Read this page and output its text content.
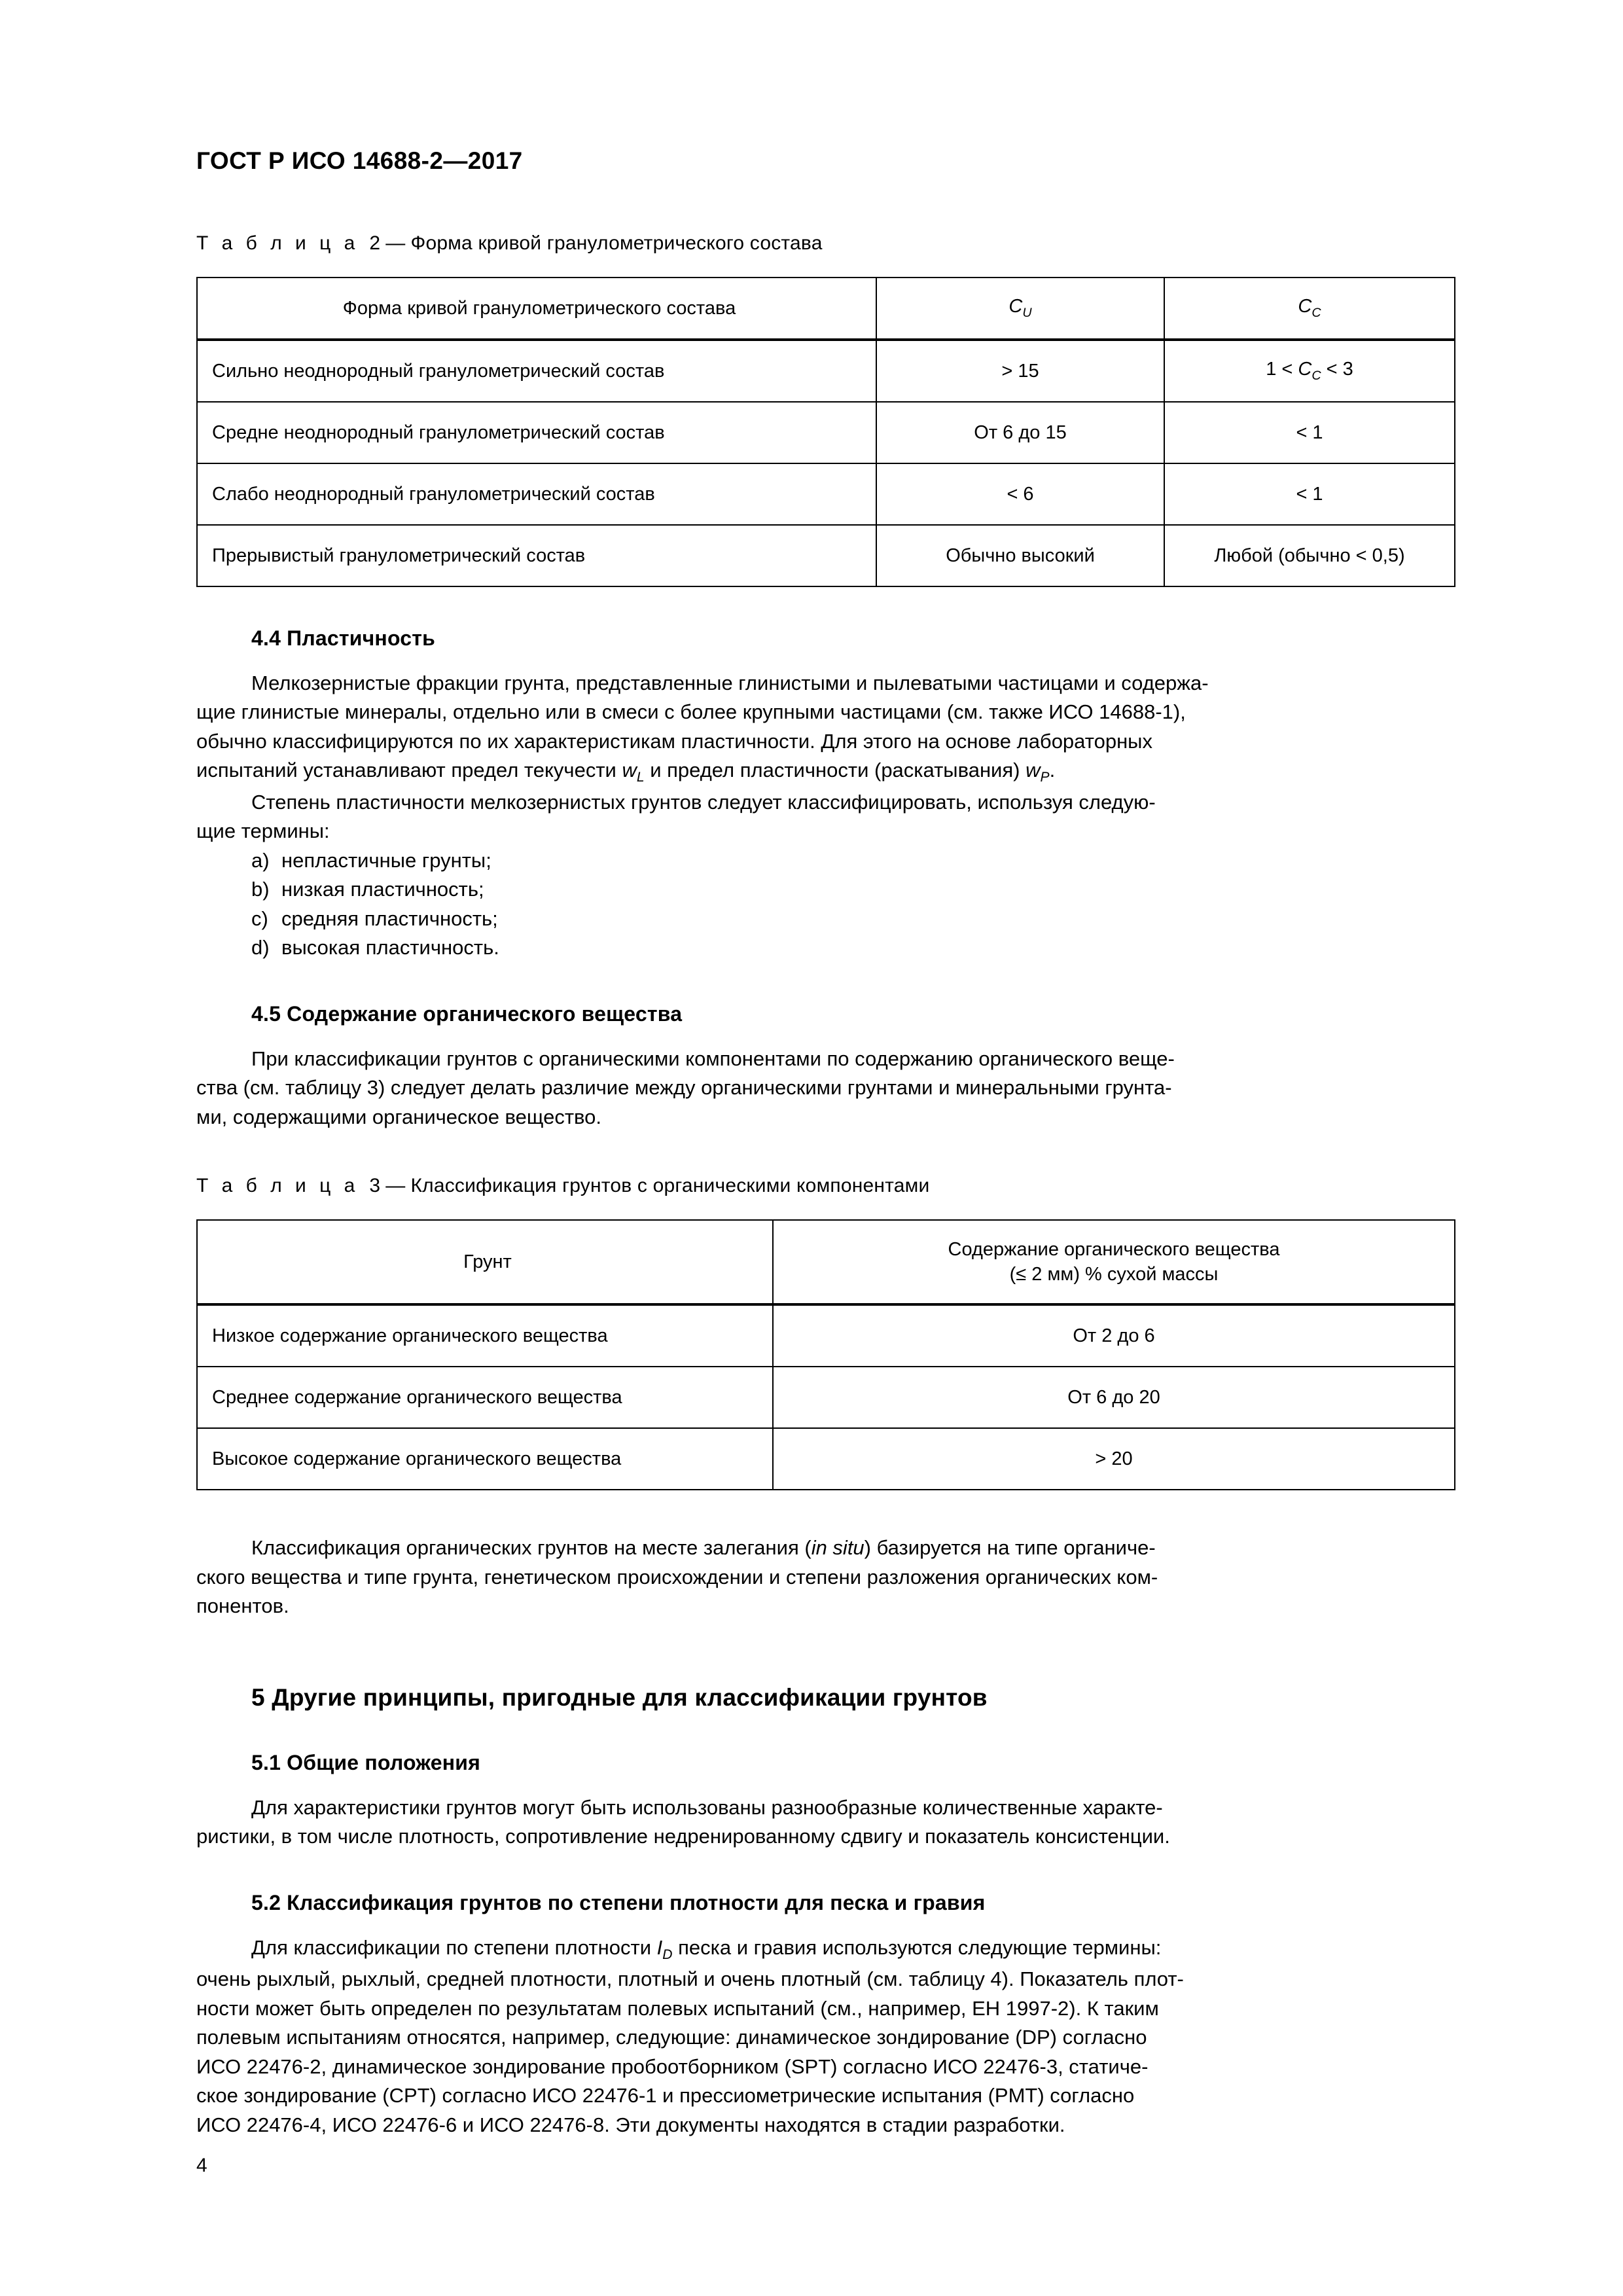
ГОСТ Р ИСО 14688-2—2017
Т а б л и ц а 2 — Форма кривой гранулометрического состава
Форма кривой гранулометрического состава	$C_U$	$C_C$
Сильно неоднородный гранулометрический состав	> 15	$1 < C_C < 3$
Средне неоднородный гранулометрический состав	От 6 до 15	< 1
Слабо неоднородный гранулометрический состав	< 6	< 1
Прерывистый гранулометрический состав	Обычно высокий	Любой (обычно < 0,5)
4.4 Пластичность

Мелкозернистые фракции грунта, представленные глинистыми и пылеватыми частицами и содержа-

щие глинистые минералы, отдельно или в смеси с более крупными частицами (см. также ИСО 14688-1),

обычно классифицируются по их характеристикам пластичности. Для этого на основе лабораторных

испытаний устанавливают предел текучести $w_L$ и предел пластичности (раскатывания) $w_P$.

Степень пластичности мелкозернистых грунтов следует классифицировать, используя следую-

щие термины:

a) непластичные грунты;
b) низкая пластичность;
c) средняя пластичность;
d) высокая пластичность.
4.5 Содержание органического вещества

При классификации грунтов с органическими компонентами по содержанию органического веще-

ства (см. таблицу 3) следует делать различие между органическими грунтами и минеральными грунта-

ми, содержащими органическое вещество.

Т а б л и ц а 3 — Классификация грунтов с органическими компонентами
Грунт	Содержание органического вещества
(≤ 2 мм) % сухой массы
Низкое содержание органического вещества	От 2 до 6
Среднее содержание органического вещества	От 6 до 20
Высокое содержание органического вещества	> 20

Классификация органических грунтов на месте залегания (in situ) базируется на типе органиче-

ского вещества и типе грунта, генетическом происхождении и степени разложения органических ком-

понентов.

5 Другие принципы, пригодные для классификации грунтов
5.1 Общие положения

Для характеристики грунтов могут быть использованы разнообразные количественные характе-

ристики, в том числе плотность, сопротивление недренированному сдвигу и показатель консистенции.

5.2 Классификация грунтов по степени плотности для песка и гравия

Для классификации по степени плотности $I_D$ песка и гравия используются следующие термины:

очень рыхлый, рыхлый, средней плотности, плотный и очень плотный (см. таблицу 4). Показатель плот-

ности может быть определен по результатам полевых испытаний (см., например, ЕН 1997-2). К таким

полевым испытаниям относятся, например, следующие: динамическое зондирование (DP) согласно

ИСО 22476-2, динамическое зондирование пробоотборником (SPT) согласно ИСО 22476-3, статиче-

ское зондирование (CPT) согласно ИСО 22476-1 и прессиометрические испытания (PMT) согласно

ИСО 22476-4, ИСО 22476-6 и ИСО 22476-8. Эти документы находятся в стадии разработки.

4
